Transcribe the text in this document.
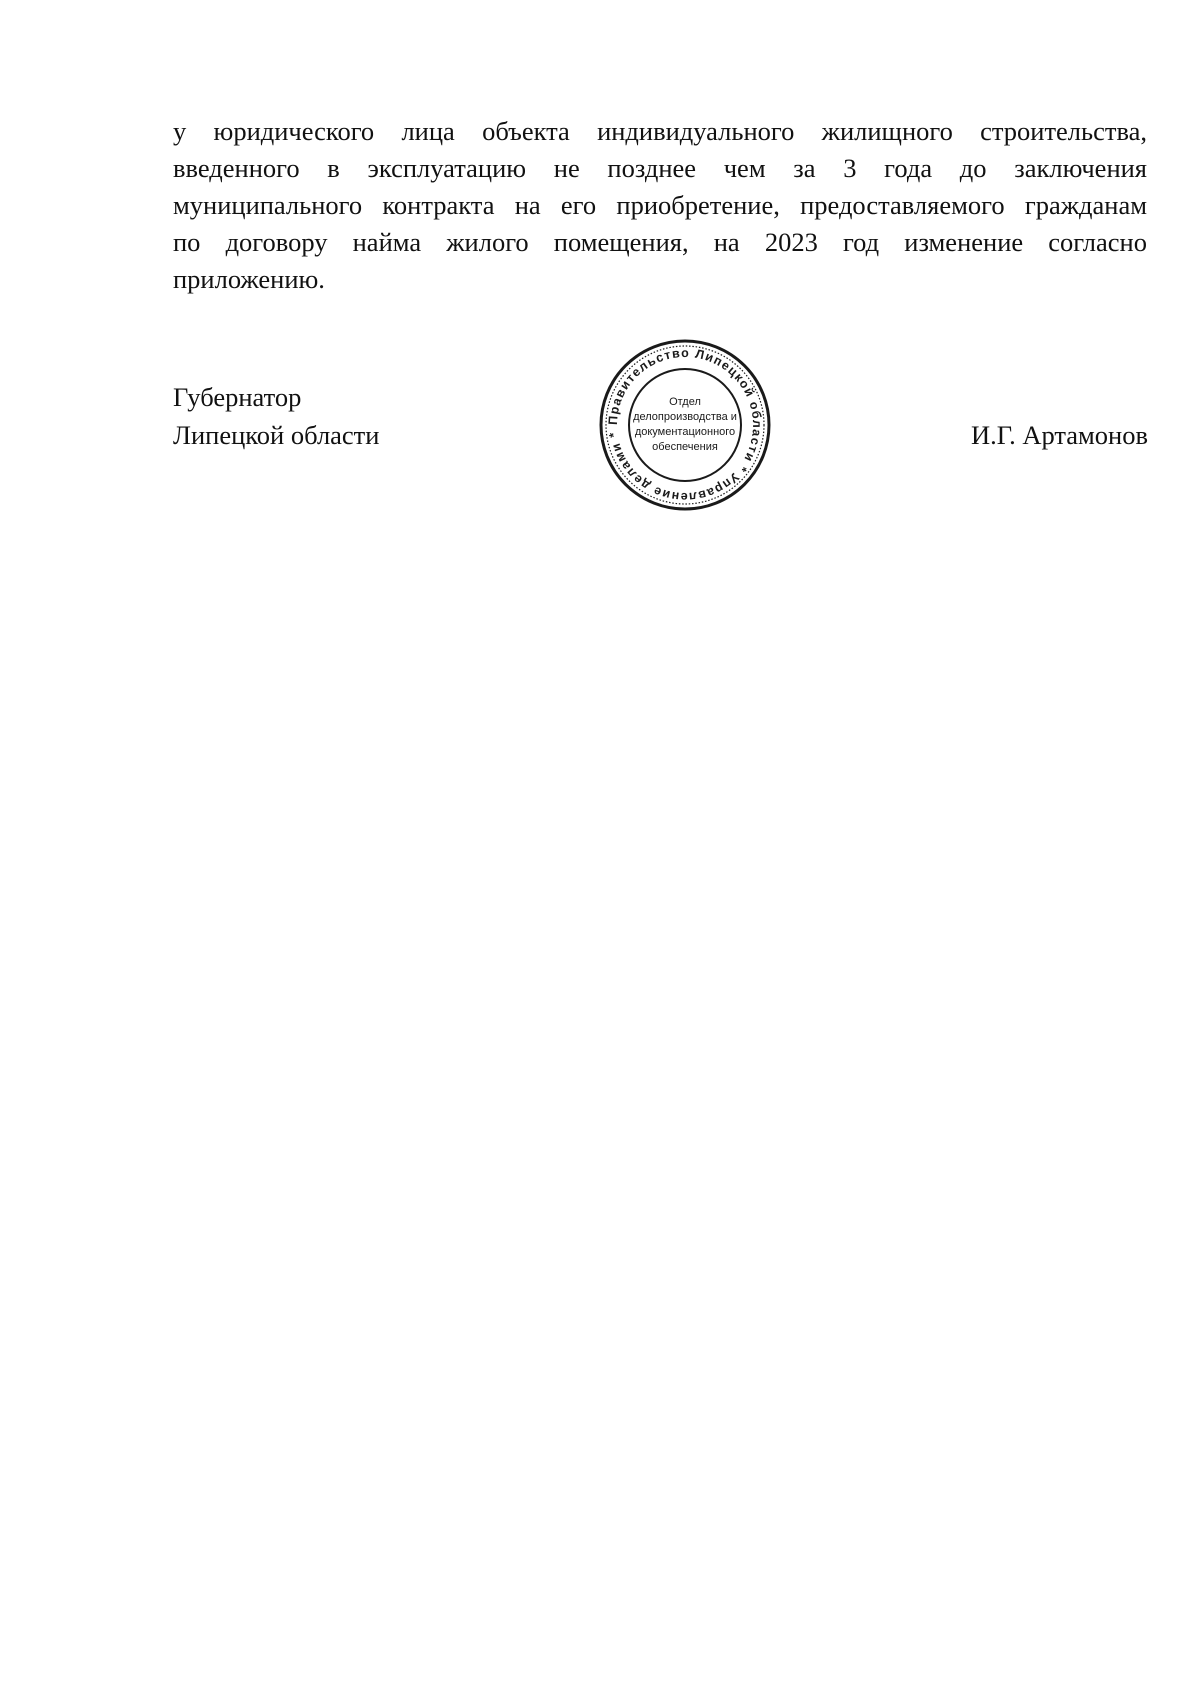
у юридического лица объекта индивидуального жилищного строительства,
введенного в эксплуатацию не позднее чем за 3 года до заключения
муниципального контракта на его приобретение, предоставляемого гражданам
по договору найма жилого помещения, на 2023 год изменение согласно
приложению.
Губернатор
Липецкой области	Правительство Липецкой области * Управление делами *
Отдел
делопроизводства и
документационного
обеспечения	И.Г. Артамонов
